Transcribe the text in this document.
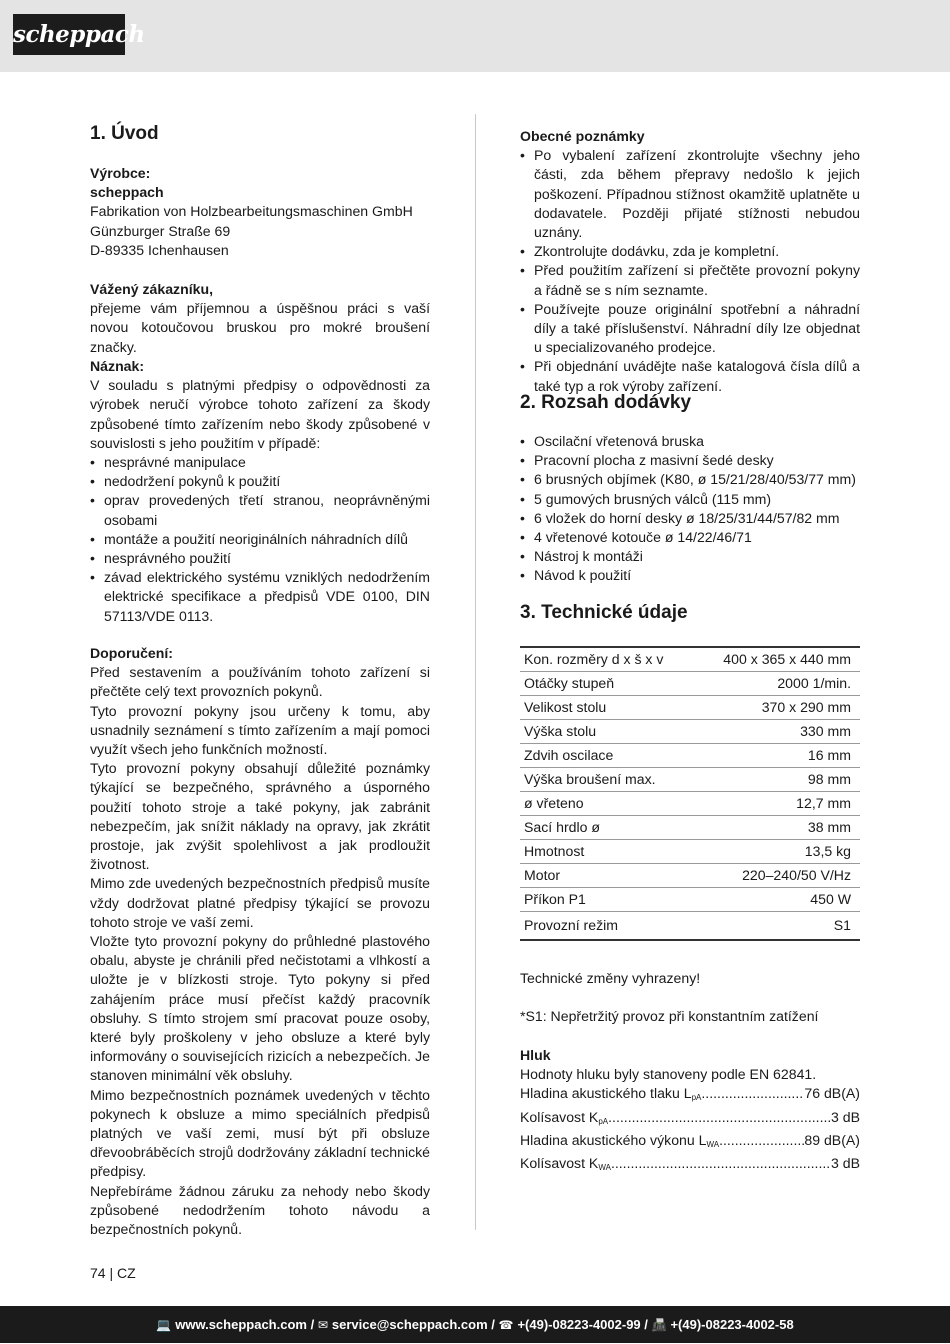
scheppach
1. Úvod
Výrobce:
scheppach
Fabrikation von Holzbearbeitungsmaschinen GmbH
Günzburger Straße 69
D-89335 Ichenhausen
Vážený zákazníku,
přejeme vám příjemnou a úspěšnou práci s vaší novou kotoučovou bruskou pro mokré broušení značky.
Náznak:
V souladu s platnými předpisy o odpovědnosti za výrobek neručí výrobce tohoto zařízení za škody způsobené tímto zařízením nebo škody způsobené v souvislosti s jeho použitím v případě:
• nesprávné manipulace
• nedodržení pokynů k použití
• oprav provedených třetí stranou, neoprávněnými osobami
• montáže a použití neoriginálních náhradních dílů
• nesprávného použití
• závad elektrického systému vzniklých nedodržením elektrické specifikace a předpisů VDE 0100, DIN 57113/VDE 0113.
Doporučení:
Před sestavením a používáním tohoto zařízení si přečtěte celý text provozních pokynů.
Tyto provozní pokyny jsou určeny k tomu, aby usnadnily seznámení s tímto zařízením a mají pomoci využít všech jeho funkčních možností.
Tyto provozní pokyny obsahují důležité poznámky týkající se bezpečného, správného a úsporného použití tohoto stroje a také pokyny, jak zabránit nebezpečím, jak snížit náklady na opravy, jak zkrátit prostoje, jak zvýšit spolehlivost a jak prodloužit životnost.
Mimo zde uvedených bezpečnostních předpisů musíte vždy dodržovat platné předpisy týkající se provozu tohoto stroje ve vaší zemi.
Vložte tyto provozní pokyny do průhledné plastového obalu, abyste je chránili před nečistotami a vlhkostí a uložte je v blízkosti stroje. Tyto pokyny si před zahájením práce musí přečíst každý pracovník obsluhy. S tímto strojem smí pracovat pouze osoby, které byly proškoleny v jeho obsluze a které byly informovány o souvisejících rizicích a nebezpečích. Je stanoven minimální věk obsluhy.
Mimo bezpečnostních poznámek uvedených v těchto pokynech k obsluze a mimo speciálních předpisů platných ve vaší zemi, musí být při obsluze dřevoobráběcích strojů dodržovány základní technické předpisy.
Nepřebíráme žádnou záruku za nehody nebo škody způsobené nedodržením tohoto návodu a bezpečnostních pokynů.
Obecné poznámky
• Po vybalení zařízení zkontrolujte všechny jeho části, zda během přepravy nedošlo k jejich poškození. Případnou stížnost okamžitě uplatněte u dodavatele. Později přijaté stížnosti nebudou uznány.
• Zkontrolujte dodávku, zda je kompletní.
• Před použitím zařízení si přečtěte provozní pokyny a řádně se s ním seznamte.
• Používejte pouze originální spotřební a náhradní díly a také příslušenství. Náhradní díly lze objednat u specializovaného prodejce.
• Při objednání uvádějte naše katalogová čísla dílů a také typ a rok výroby zařízení.
2. Rozsah dodávky
• Oscilační vřetenová bruska
• Pracovní plocha z masivní šedé desky
• 6 brusných objímek (K80, ø 15/21/28/40/53/77 mm)
• 5 gumových brusných válců (115 mm)
• 6 vložek do horní desky ø 18/25/31/44/57/82 mm
• 4 vřetenové kotouče ø 14/22/46/71
• Nástroj k montáži
• Návod k použití
3. Technické údaje
Kon. rozměry d x š x v	400 x 365 x 440 mm
Otáčky stupeň	2000 1/min.
Velikost stolu	370 x 290 mm
Výška stolu	330 mm
Zdvih oscilace	16 mm
Výška broušení max.	98 mm
ø vřeteno	12,7 mm
Sací hrdlo ø	38 mm
Hmotnost	13,5 kg
Motor	220–240/50 V/Hz
Příkon P1	450 W
Provozní režim	S1
Technické změny vyhrazeny!
*S1: Nepřetržitý provoz při konstantním zatížení
Hluk
Hodnoty hluku byly stanoveny podle EN 62841.
Hladina akustického tlaku $L_{pA}$ .....	76 dB(A)
Kolísavost $K_{pA}$ .....	3 dB
Hladina akustického výkonu $L_{WA}$ .....	89 dB(A)
Kolísavost $K_{WA}$ .....	3 dB
74 | CZ
💻 www.scheppach.com / ✉ service@scheppach.com / ☎ +(49)-08223-4002-99 / 📠 +(49)-08223-4002-58
